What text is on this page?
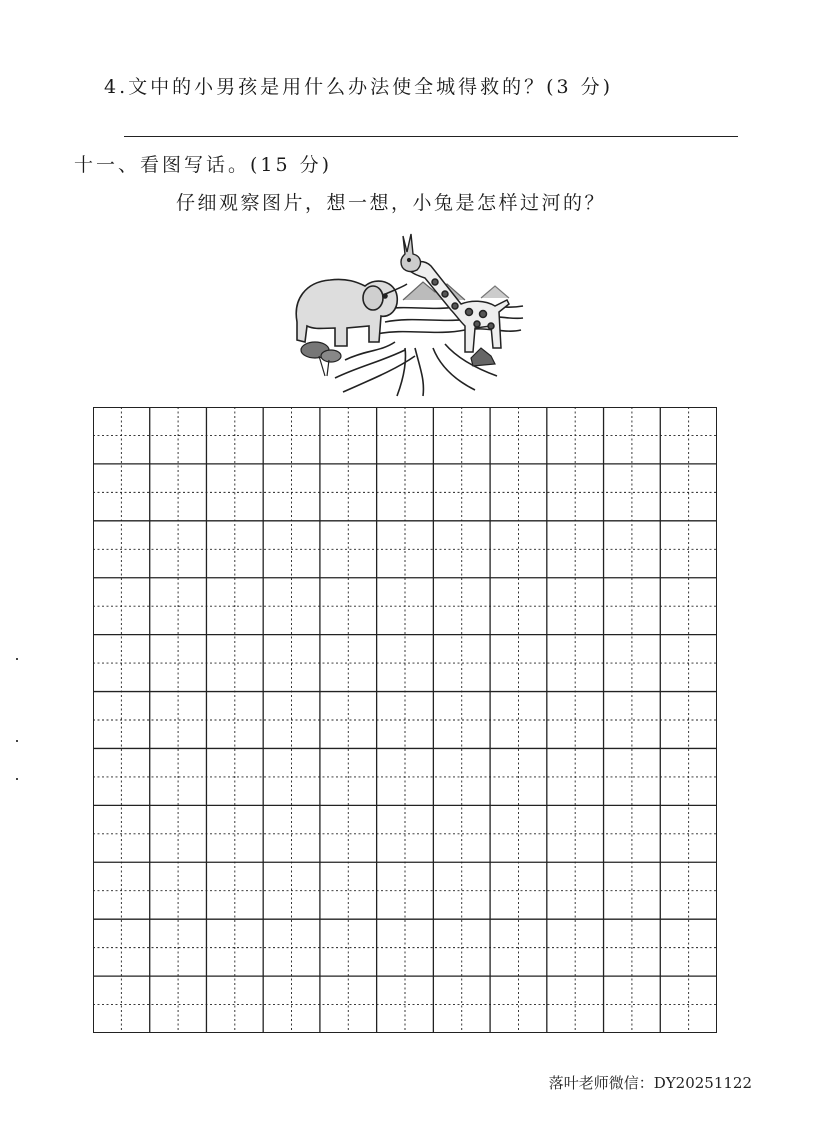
4.文中的小男孩是用什么办法使全城得救的？(3 分)
十一、看图写话。(15 分)
仔细观察图片，想一想，小兔是怎样过河的？
落叶老师微信：DY20251122
